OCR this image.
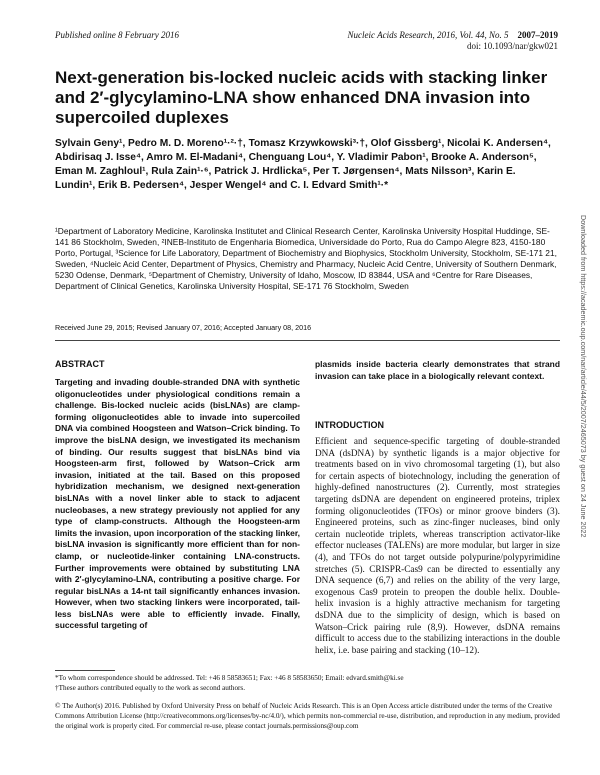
Published online 8 February 2016	Nucleic Acids Research, 2016, Vol. 44, No. 5 2007–2019
doi: 10.1093/nar/gkw021
Next-generation bis-locked nucleic acids with stacking linker and 2′-glycylamino-LNA show enhanced DNA invasion into supercoiled duplexes
Sylvain Geny¹, Pedro M. D. Moreno¹·²·†, Tomasz Krzywkowski³·†, Olof Gissberg¹, Nicolai K. Andersen⁴, Abdirisaq J. Isse⁴, Amro M. El-Madani⁴, Chenguang Lou⁴, Y. Vladimir Pabon¹, Brooke A. Anderson⁵, Eman M. Zaghloul¹, Rula Zain¹·⁶, Patrick J. Hrdlicka⁵, Per T. Jørgensen⁴, Mats Nilsson³, Karin E. Lundin¹, Erik B. Pedersen⁴, Jesper Wengel⁴ and C. I. Edvard Smith¹·*
¹Department of Laboratory Medicine, Karolinska Institutet and Clinical Research Center, Karolinska University Hospital Huddinge, SE-141 86 Stockholm, Sweden, ²INEB-Instituto de Engenharia Biomedica, Universidade do Porto, Rua do Campo Alegre 823, 4150-180 Porto, Portugal, ³Science for Life Laboratory, Department of Biochemistry and Biophysics, Stockholm University, Stockholm, SE-171 21, Sweden, ⁴Nucleic Acid Center, Department of Physics, Chemistry and Pharmacy, Nucleic Acid Centre, University of Southern Denmark, 5230 Odense, Denmark, ⁵Department of Chemistry, University of Idaho, Moscow, ID 83844, USA and ⁶Centre for Rare Diseases, Department of Clinical Genetics, Karolinska University Hospital, SE-171 76 Stockholm, Sweden
Received June 29, 2015; Revised January 07, 2016; Accepted January 08, 2016
ABSTRACT
Targeting and invading double-stranded DNA with synthetic oligonucleotides under physiological conditions remain a challenge. Bis-locked nucleic acids (bisLNAs) are clamp-forming oligonucleotides able to invade into supercoiled DNA via combined Hoogsteen and Watson–Crick binding. To improve the bisLNA design, we investigated its mechanism of binding. Our results suggest that bisLNAs bind via Hoogsteen-arm first, followed by Watson–Crick arm invasion, initiated at the tail. Based on this proposed hybridization mechanism, we designed next-generation bisLNAs with a novel linker able to stack to adjacent nucleobases, a new strategy previously not applied for any type of clamp-constructs. Although the Hoogsteen-arm limits the invasion, upon incorporation of the stacking linker, bisLNA invasion is significantly more efficient than for non-clamp, or nucleotide-linker containing LNA-constructs. Further improvements were obtained by substituting LNA with 2′-glycylamino-LNA, contributing a positive charge. For regular bisLNAs a 14-nt tail significantly enhances invasion. However, when two stacking linkers were incorporated, tail-less bisLNAs were able to efficiently invade. Finally, successful targeting of
plasmids inside bacteria clearly demonstrates that strand invasion can take place in a biologically relevant context.
INTRODUCTION
Efficient and sequence-specific targeting of double-stranded DNA (dsDNA) by synthetic ligands is a major objective for treatments based on in vivo chromosomal targeting (1), but also for certain aspects of biotechnology, including the generation of highly-defined nanostructures (2). Currently, most strategies targeting dsDNA are dependent on engineered proteins, triplex forming oligonucleotides (TFOs) or minor groove binders (3). Engineered proteins, such as zinc-finger nucleases, bind only certain nucleotide triplets, whereas transcription activator-like effector nucleases (TALENs) are more modular, but larger in size (4), and TFOs do not target outside polypurine/polypyrimidine stretches (5). CRISPR-Cas9 can be directed to essentially any DNA sequence (6,7) and relies on the ability of the very large, exogenous Cas9 protein to preopen the double helix. Double-helix invasion is a highly attractive mechanism for targeting dsDNA due to the simplicity of design, which is based on Watson–Crick pairing rule (8,9). However, dsDNA remains difficult to access due to the stabilizing interactions in the double helix, i.e. base pairing and stacking (10–12).
*To whom correspondence should be addressed. Tel: +46 8 58583651; Fax: +46 8 58583650; Email: edvard.smith@ki.se
†These authors contributed equally to the work as second authors.
© The Author(s) 2016. Published by Oxford University Press on behalf of Nucleic Acids Research. This is an Open Access article distributed under the terms of the Creative Commons Attribution License (http://creativecommons.org/licenses/by-nc/4.0/), which permits non-commercial re-use, distribution, and reproduction in any medium, provided the original work is properly cited. For commercial re-use, please contact journals.permissions@oup.com
Downloaded from https://academic.oup.com/nar/article/44/5/2007/2465073 by guest on 24 June 2022
